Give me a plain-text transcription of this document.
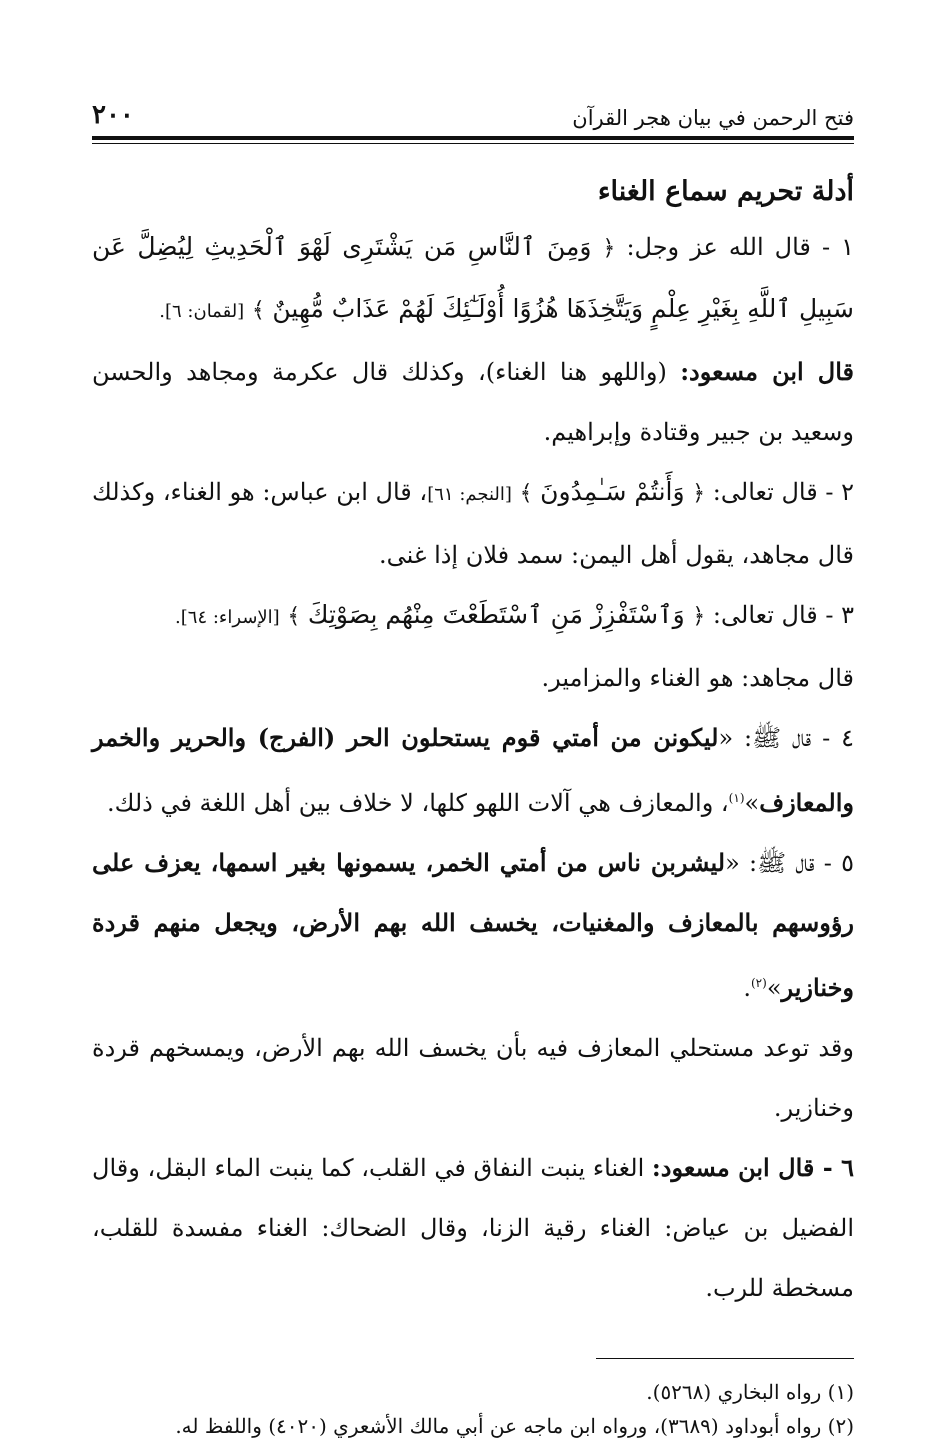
فتح الرحمن في بيان هجر القرآن
٢٠٠
أدلة تحريم سماع الغناء

١ - قال الله عز وجل: ﴿ وَمِنَ ٱلنَّاسِ مَن يَشْتَرِى لَهْوَ ٱلْحَدِيثِ لِيُضِلَّ عَن سَبِيلِ ٱللَّهِ بِغَيْرِ عِلْمٍ وَيَتَّخِذَهَا هُزُوًا أُوْلَـٰٓئِكَ لَهُمْ عَذَابٌ مُّهِينٌ ﴾ [لقمان: ٦].

قال ابن مسعود: (واللهو هنا الغناء)، وكذلك قال عكرمة ومجاهد والحسن وسعيد بن جبير وقتادة وإبراهيم.

٢ - قال تعالى: ﴿ وَأَنتُمْ سَـٰمِدُونَ ﴾ [النجم: ٦١]، قال ابن عباس: هو الغناء، وكذلك قال مجاهد، يقول أهل اليمن: سمد فلان إذا غنى.

٣ - قال تعالى: ﴿ وَٱسْتَفْزِزْ مَنِ ٱسْتَطَعْتَ مِنْهُم بِصَوْتِكَ ﴾ [الإسراء: ٦٤].

قال مجاهد: هو الغناء والمزامير.

٤ - قال ﷺ: «ليكونن من أمتي قوم يستحلون الحر (الفرج) والحرير والخمر والمعازف»$^{(١)}$، والمعازف هي آلات اللهو كلها، لا خلاف بين أهل اللغة في ذلك.

٥ - قال ﷺ: «ليشربن ناس من أمتي الخمر، يسمونها بغير اسمها، يعزف على رؤوسهم بالمعازف والمغنيات، يخسف الله بهم الأرض، ويجعل منهم قردة وخنازير»$^{(٢)}$.

وقد توعد مستحلي المعازف فيه بأن يخسف الله بهم الأرض، ويمسخهم قردة وخنازير.

٦ - قال ابن مسعود: الغناء ينبت النفاق في القلب، كما ينبت الماء البقل، وقال الفضيل بن عياض: الغناء رقية الزنا، وقال الضحاك: الغناء مفسدة للقلب، مسخطة للرب.

(١) رواه البخاري (٥٢٦٨).

(٢) رواه أبوداود (٣٦٨٩)، ورواه ابن ماجه عن أبي مالك الأشعري (٤٠٢٠) واللفظ له.
